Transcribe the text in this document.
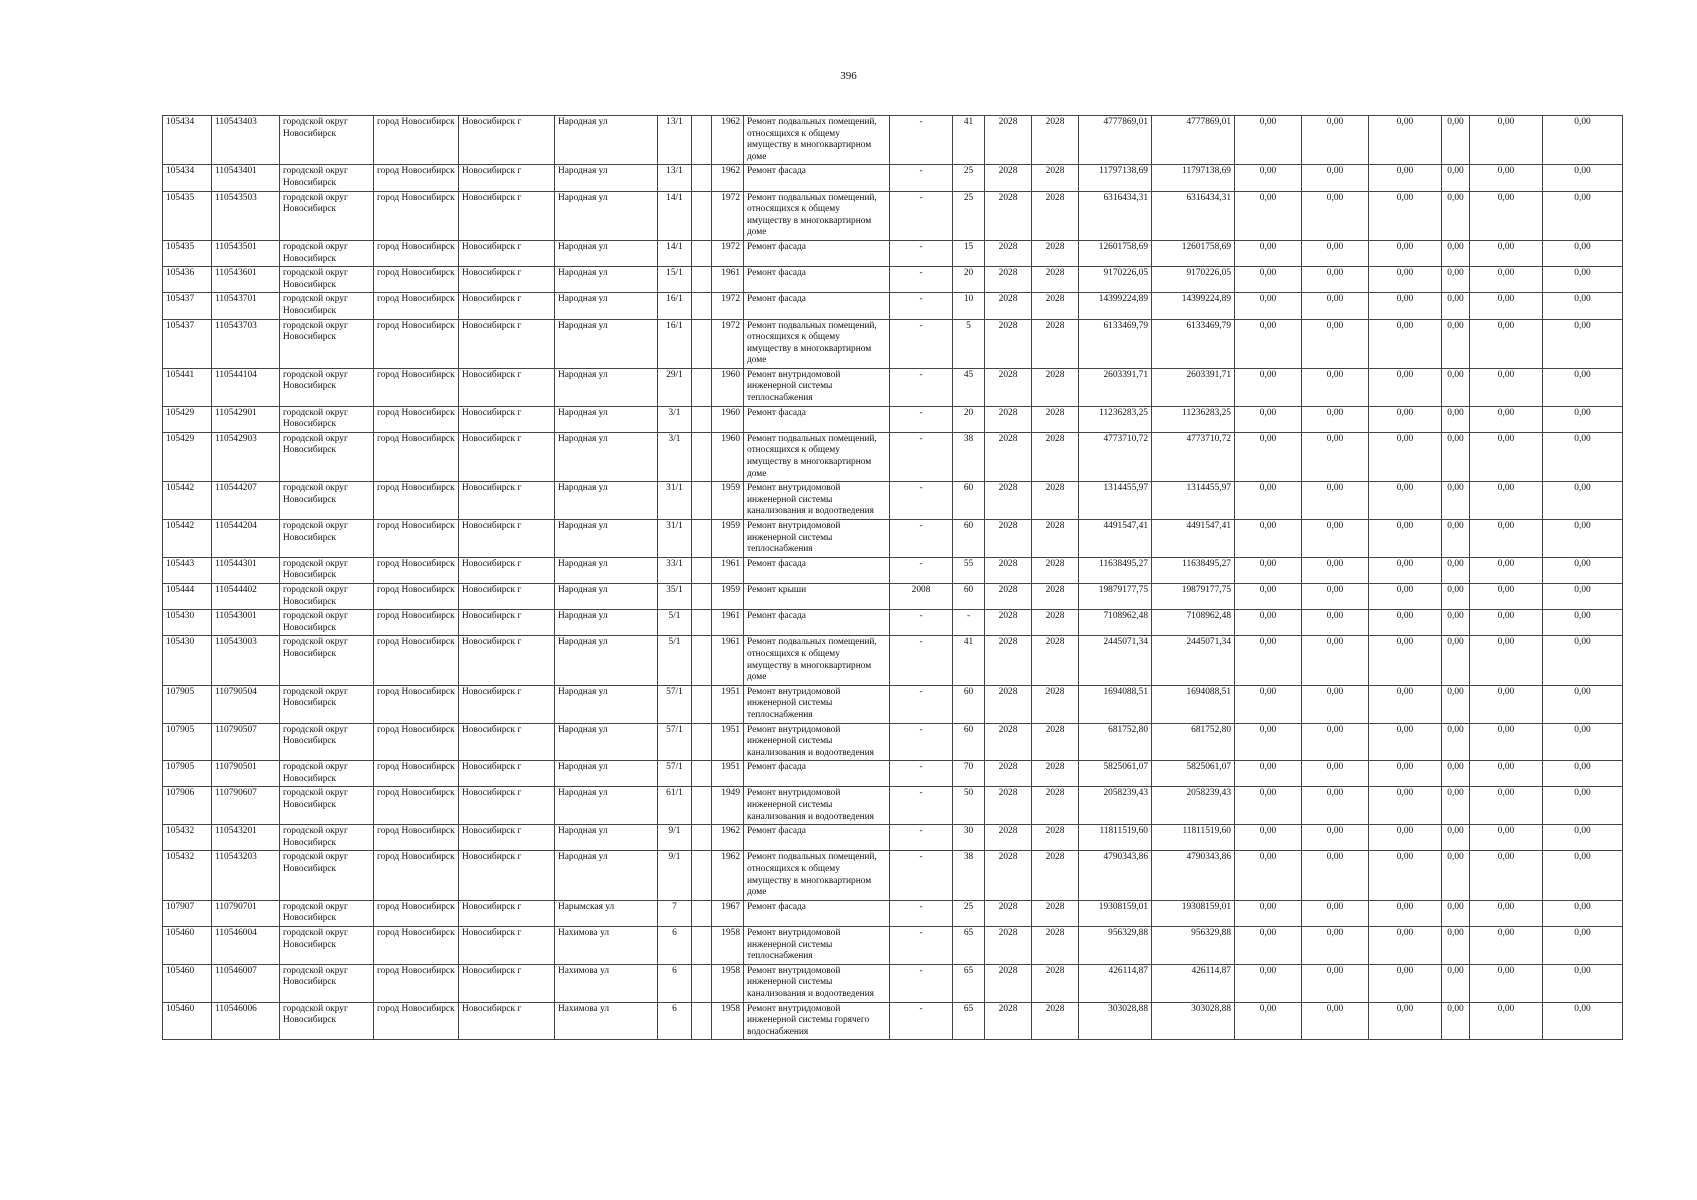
396
105434	110543403	городской округ Новосибирск	город Новосибирск	Новосибирск г	Народная ул	13/1		1962	Ремонт подвальных помещений, относящихся к общему имуществу в многоквартирном доме	-	41	2028	2028	4777869,01	4777869,01	0,00	0,00	0,00	0,00	0,00	0,00
105434	110543401	городской округ Новосибирск	город Новосибирск	Новосибирск г	Народная ул	13/1		1962	Ремонт фасада	-	25	2028	2028	11797138,69	11797138,69	0,00	0,00	0,00	0,00	0,00	0,00
105435	110543503	городской округ Новосибирск	город Новосибирск	Новосибирск г	Народная ул	14/1		1972	Ремонт подвальных помещений, относящихся к общему имуществу в многоквартирном доме	-	25	2028	2028	6316434,31	6316434,31	0,00	0,00	0,00	0,00	0,00	0,00
105435	110543501	городской округ Новосибирск	город Новосибирск	Новосибирск г	Народная ул	14/1		1972	Ремонт фасада	-	15	2028	2028	12601758,69	12601758,69	0,00	0,00	0,00	0,00	0,00	0,00
105436	110543601	городской округ Новосибирск	город Новосибирск	Новосибирск г	Народная ул	15/1		1961	Ремонт фасада	-	20	2028	2028	9170226,05	9170226,05	0,00	0,00	0,00	0,00	0,00	0,00
105437	110543701	городской округ Новосибирск	город Новосибирск	Новосибирск г	Народная ул	16/1		1972	Ремонт фасада	-	10	2028	2028	14399224,89	14399224,89	0,00	0,00	0,00	0,00	0,00	0,00
105437	110543703	городской округ Новосибирск	город Новосибирск	Новосибирск г	Народная ул	16/1		1972	Ремонт подвальных помещений, относящихся к общему имуществу в многоквартирном доме	-	5	2028	2028	6133469,79	6133469,79	0,00	0,00	0,00	0,00	0,00	0,00
105441	110544104	городской округ Новосибирск	город Новосибирск	Новосибирск г	Народная ул	29/1		1960	Ремонт внутридомовой инженерной системы теплоснабжения	-	45	2028	2028	2603391,71	2603391,71	0,00	0,00	0,00	0,00	0,00	0,00
105429	110542901	городской округ Новосибирск	город Новосибирск	Новосибирск г	Народная ул	3/1		1960	Ремонт фасада	-	20	2028	2028	11236283,25	11236283,25	0,00	0,00	0,00	0,00	0,00	0,00
105429	110542903	городской округ Новосибирск	город Новосибирск	Новосибирск г	Народная ул	3/1		1960	Ремонт подвальных помещений, относящихся к общему имуществу в многоквартирном доме	-	38	2028	2028	4773710,72	4773710,72	0,00	0,00	0,00	0,00	0,00	0,00
105442	110544207	городской округ Новосибирск	город Новосибирск	Новосибирск г	Народная ул	31/1		1959	Ремонт внутридомовой инженерной системы канализования и водоотведения	-	60	2028	2028	1314455,97	1314455,97	0,00	0,00	0,00	0,00	0,00	0,00
105442	110544204	городской округ Новосибирск	город Новосибирск	Новосибирск г	Народная ул	31/1		1959	Ремонт внутридомовой инженерной системы теплоснабжения	-	60	2028	2028	4491547,41	4491547,41	0,00	0,00	0,00	0,00	0,00	0,00
105443	110544301	городской округ Новосибирск	город Новосибирск	Новосибирск г	Народная ул	33/1		1961	Ремонт фасада	-	55	2028	2028	11638495,27	11638495,27	0,00	0,00	0,00	0,00	0,00	0,00
105444	110544402	городской округ Новосибирск	город Новосибирск	Новосибирск г	Народная ул	35/1		1959	Ремонт крыши	2008	60	2028	2028	19879177,75	19879177,75	0,00	0,00	0,00	0,00	0,00	0,00
105430	110543001	городской округ Новосибирск	город Новосибирск	Новосибирск г	Народная ул	5/1		1961	Ремонт фасада	-	-	2028	2028	7108962,48	7108962,48	0,00	0,00	0,00	0,00	0,00	0,00
105430	110543003	городской округ Новосибирск	город Новосибирск	Новосибирск г	Народная ул	5/1		1961	Ремонт подвальных помещений, относящихся к общему имуществу в многоквартирном доме	-	41	2028	2028	2445071,34	2445071,34	0,00	0,00	0,00	0,00	0,00	0,00
107905	110790504	городской округ Новосибирск	город Новосибирск	Новосибирск г	Народная ул	57/1		1951	Ремонт внутридомовой инженерной системы теплоснабжения	-	60	2028	2028	1694088,51	1694088,51	0,00	0,00	0,00	0,00	0,00	0,00
107905	110790507	городской округ Новосибирск	город Новосибирск	Новосибирск г	Народная ул	57/1		1951	Ремонт внутридомовой инженерной системы канализования и водоотведения	-	60	2028	2028	681752,80	681752,80	0,00	0,00	0,00	0,00	0,00	0,00
107905	110790501	городской округ Новосибирск	город Новосибирск	Новосибирск г	Народная ул	57/1		1951	Ремонт фасада	-	70	2028	2028	5825061,07	5825061,07	0,00	0,00	0,00	0,00	0,00	0,00
107906	110790607	городской округ Новосибирск	город Новосибирск	Новосибирск г	Народная ул	61/1		1949	Ремонт внутридомовой инженерной системы канализования и водоотведения	-	50	2028	2028	2058239,43	2058239,43	0,00	0,00	0,00	0,00	0,00	0,00
105432	110543201	городской округ Новосибирск	город Новосибирск	Новосибирск г	Народная ул	9/1		1962	Ремонт фасада	-	30	2028	2028	11811519,60	11811519,60	0,00	0,00	0,00	0,00	0,00	0,00
105432	110543203	городской округ Новосибирск	город Новосибирск	Новосибирск г	Народная ул	9/1		1962	Ремонт подвальных помещений, относящихся к общему имуществу в многоквартирном доме	-	38	2028	2028	4790343,86	4790343,86	0,00	0,00	0,00	0,00	0,00	0,00
107907	110790701	городской округ Новосибирск	город Новосибирск	Новосибирск г	Нарымская ул	7		1967	Ремонт фасада	-	25	2028	2028	19308159,01	19308159,01	0,00	0,00	0,00	0,00	0,00	0,00
105460	110546004	городской округ Новосибирск	город Новосибирск	Новосибирск г	Нахимова ул	6		1958	Ремонт внутридомовой инженерной системы теплоснабжения	-	65	2028	2028	956329,88	956329,88	0,00	0,00	0,00	0,00	0,00	0,00
105460	110546007	городской округ Новосибирск	город Новосибирск	Новосибирск г	Нахимова ул	6		1958	Ремонт внутридомовой инженерной системы канализования и водоотведения	-	65	2028	2028	426114,87	426114,87	0,00	0,00	0,00	0,00	0,00	0,00
105460	110546006	городской округ Новосибирск	город Новосибирск	Новосибирск г	Нахимова ул	6		1958	Ремонт внутридомовой инженерной системы горячего водоснабжения	-	65	2028	2028	303028,88	303028,88	0,00	0,00	0,00	0,00	0,00	0,00
